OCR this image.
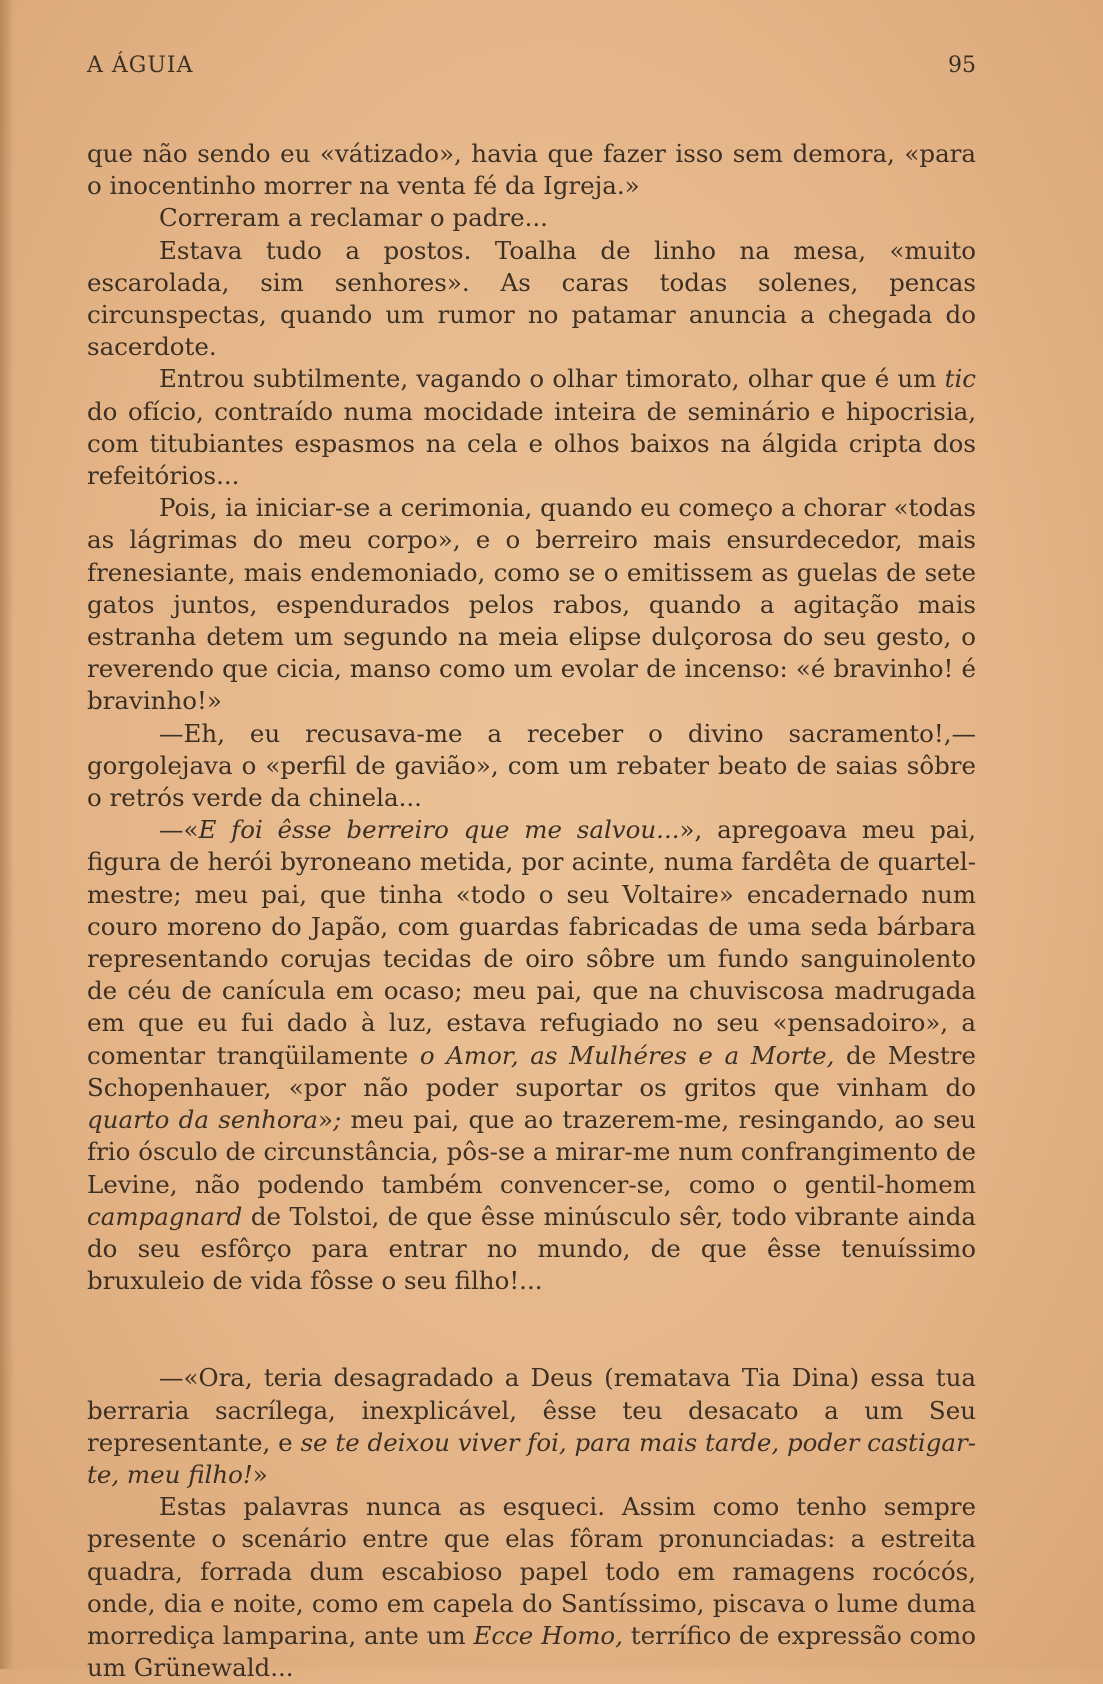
A ÁGUIA	95

que não sendo eu «vátizado», havia que fazer isso sem demora, «para o inocentinho morrer na venta fé da Igreja.»

Correram a reclamar o padre...

Estava tudo a postos. Toalha de linho na mesa, «muito escarolada, sim senhores». As caras todas solenes, pencas circunspectas, quando um rumor no patamar anuncia a chegada do sacerdote.

Entrou subtilmente, vagando o olhar timorato, olhar que é um tic do ofício, contraído numa mocidade inteira de seminário e hipocrisia, com titubiantes espasmos na cela e olhos baixos na álgida cripta dos refeitórios...

Pois, ia iniciar-se a cerimonia, quando eu começo a chorar «todas as lágrimas do meu corpo», e o berreiro mais ensurdecedor, mais frenesiante, mais endemoniado, como se o emitissem as guelas de sete gatos juntos, espendurados pelos rabos, quando a agitação mais estranha detem um segundo na meia elipse dulçorosa do seu gesto, o reverendo que cicia, manso como um evolar de incenso: «é bravinho! é bravinho!»

—Eh, eu recusava-me a receber o divino sacramento!,—gorgolejava o «perfil de gavião», com um rebater beato de saias sôbre o retrós verde da chinela...

—«E foi êsse berreiro que me salvou...», apregoava meu pai, figura de herói byroneano metida, por acinte, numa fardêta de quartel-mestre; meu pai, que tinha «todo o seu Voltaire» encadernado num couro moreno do Japão, com guardas fabricadas de uma seda bárbara representando corujas tecidas de oiro sôbre um fundo sanguinolento de céu de canícula em ocaso; meu pai, que na chuviscosa madrugada em que eu fui dado à luz, estava refugiado no seu «pensadoiro», a comentar tranqüilamente o Amor, as Mulhéres e a Morte, de Mestre Schopenhauer, «por não poder suportar os gritos que vinham do quarto da senhora»; meu pai, que ao trazerem-me, resingando, ao seu frio ósculo de circunstância, pôs-se a mirar-me num confrangimento de Levine, não podendo também convencer-se, como o gentil-homem campagnard de Tolstoi, de que êsse minúsculo sêr, todo vibrante ainda do seu esfôrço para entrar no mundo, de que êsse tenuíssimo bruxuleio de vida fôsse o seu filho!...

—«Ora, teria desagradado a Deus (rematava Tia Dina) essa tua berraria sacrílega, inexplicável, êsse teu desacato a um Seu representante, e se te deixou viver foi, para mais tarde, poder castigar-te, meu filho!»

Estas palavras nunca as esqueci. Assim como tenho sempre presente o scenário entre que elas fôram pronunciadas: a estreita quadra, forrada dum escabioso papel todo em ramagens rocócós, onde, dia e noite, como em capela do Santíssimo, piscava o lume duma morrediça lamparina, ante um Ecce Homo, terrífico de expressão como um Grünewald...
